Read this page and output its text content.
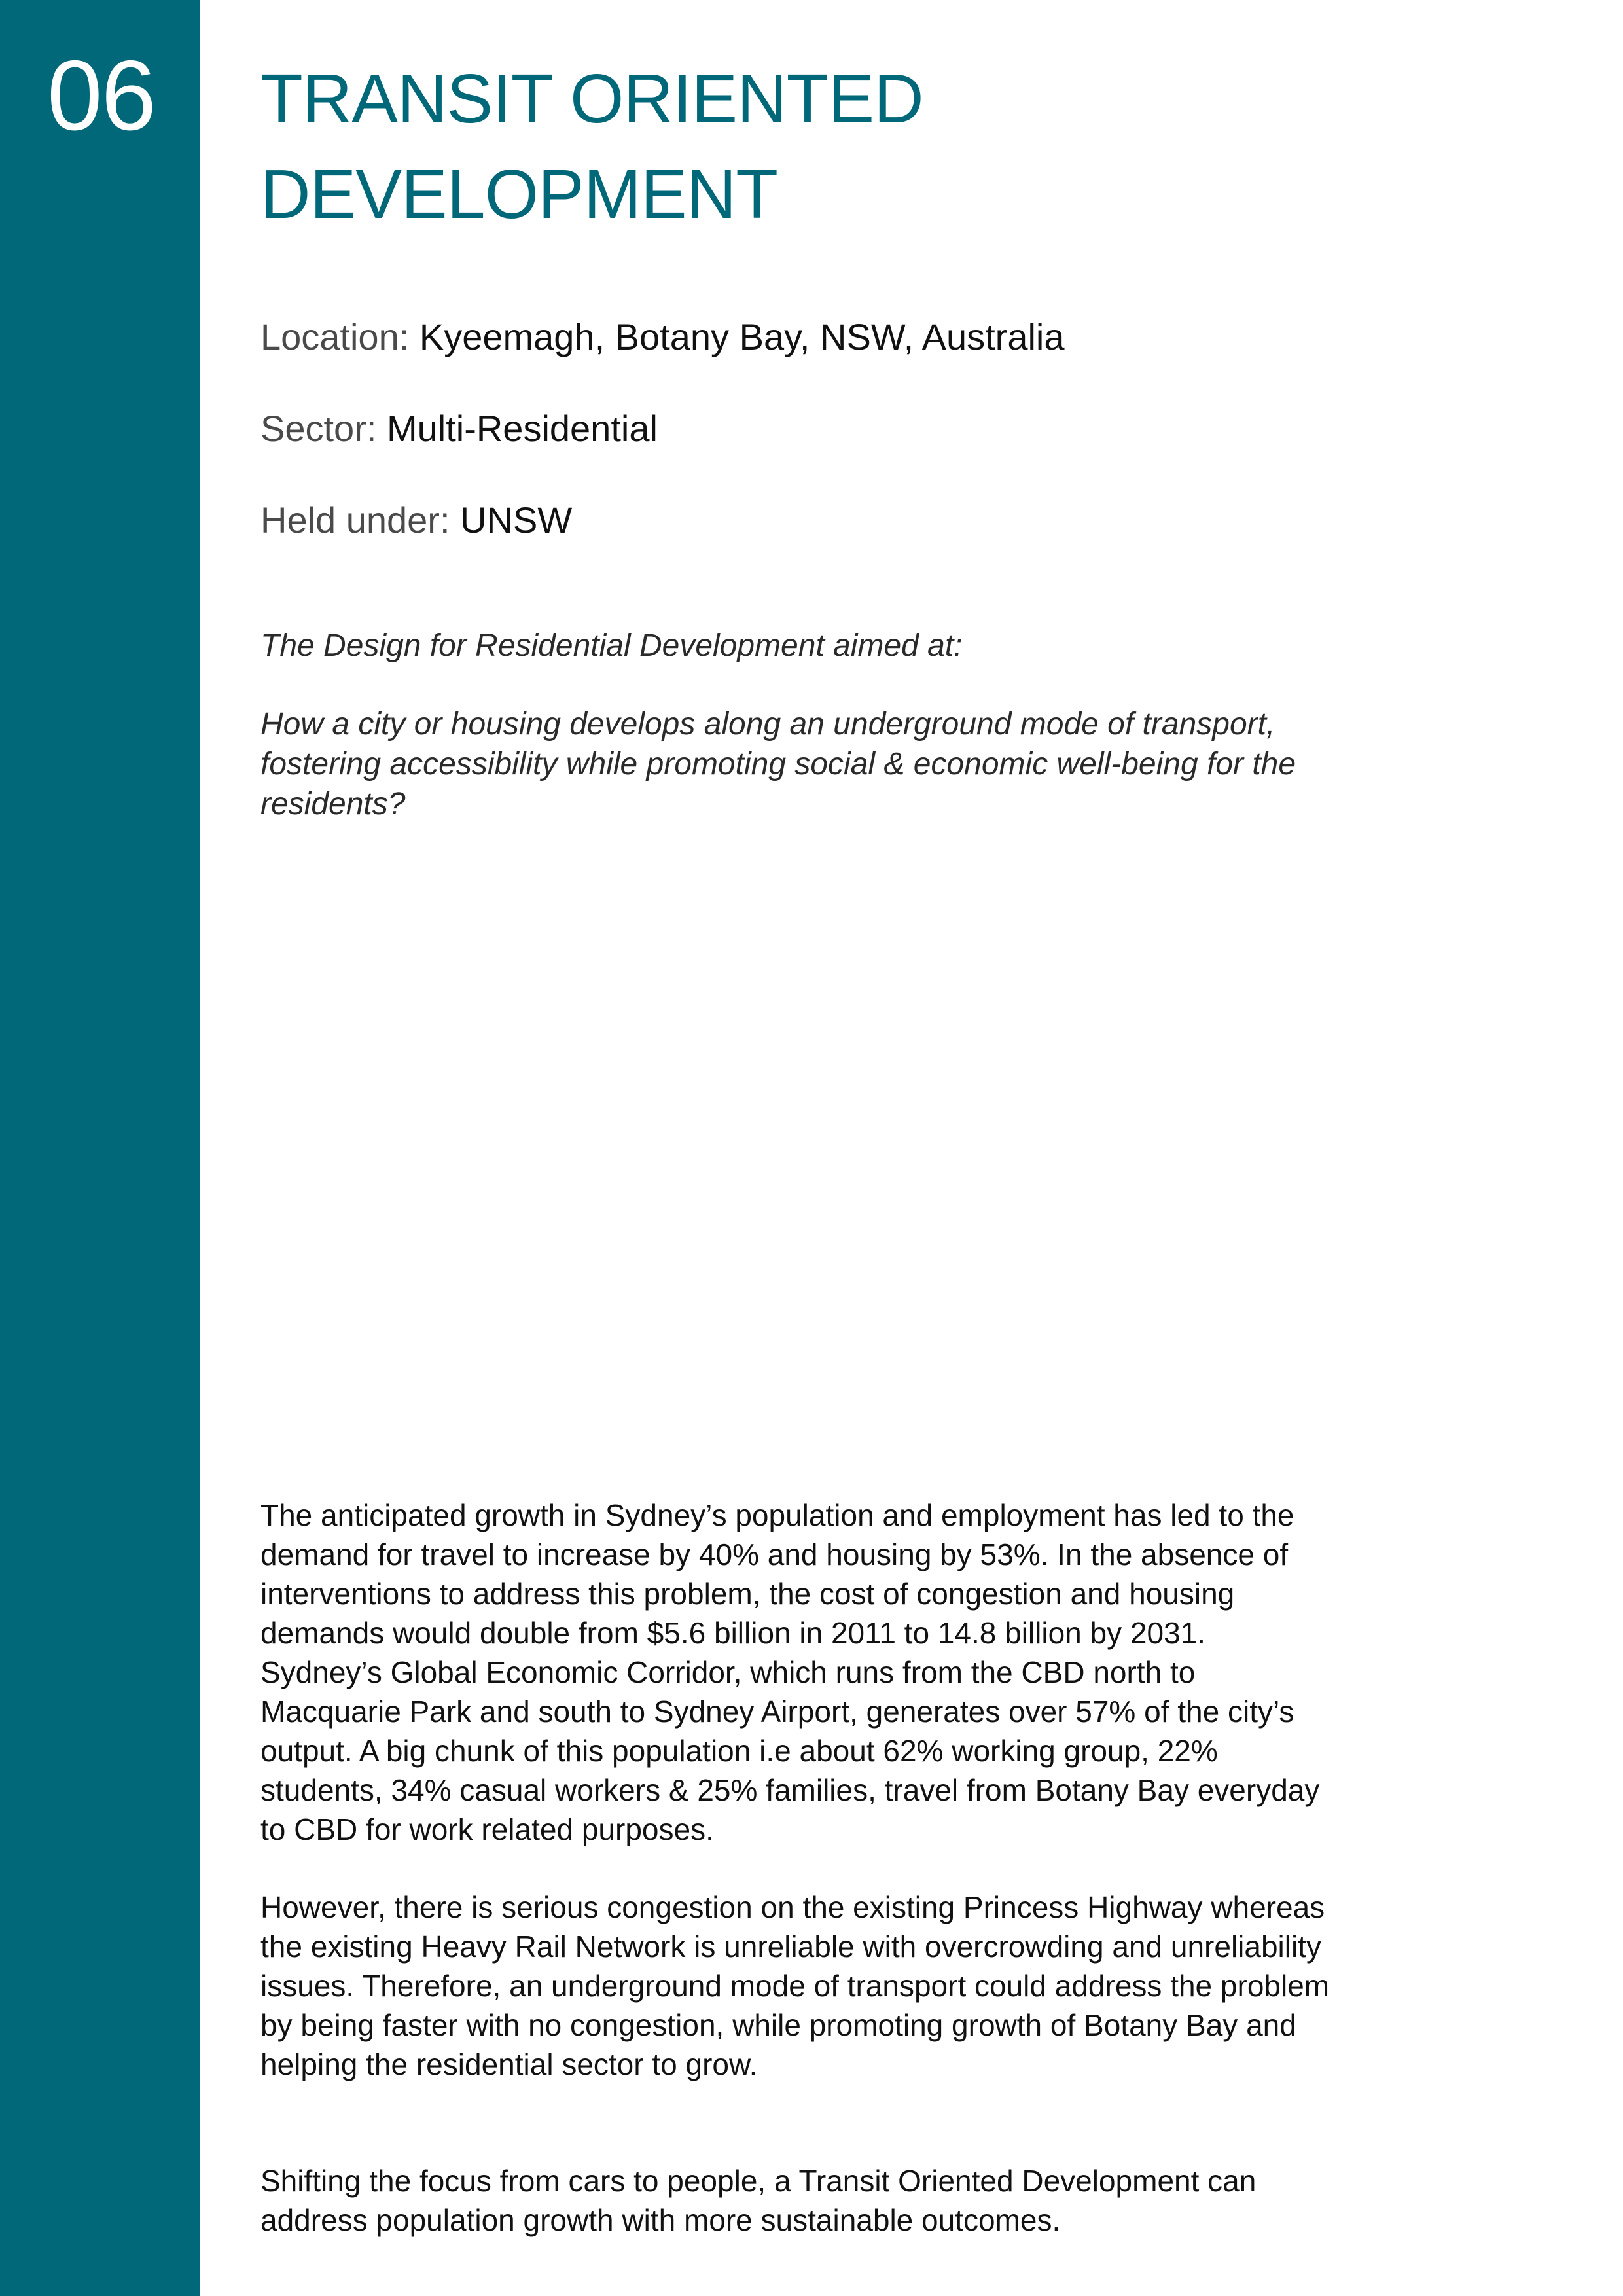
06 TRANSIT ORIENTED
DEVELOPMENT
Location: Kyeemagh, Botany Bay, NSW, Australia
Sector: Multi-Residential
Held under: UNSW

The Design for Residential Development aimed at:

How a city or housing develops along an underground mode of transport, fostering accessibility while promoting social & economic well-being for the residents?

The anticipated growth in Sydney’s population and employment has led to the demand for travel to increase by 40% and housing by 53%. In the absence of interventions to address this problem, the cost of congestion and housing demands would double from $5.6 billion in 2011 to 14.8 billion by 2031. Sydney’s Global Economic Corridor, which runs from the CBD north to Macquarie Park and south to Sydney Airport, generates over 57% of the city’s output. A big chunk of this population i.e about 62% working group, 22% students, 34% casual workers & 25% families, travel from Botany Bay everyday to CBD for work related purposes.

However, there is serious congestion on the existing Princess Highway whereas the existing Heavy Rail Network is unreliable with overcrowding and unreliability issues. Therefore, an underground mode of transport could address the problem by being faster with no congestion, while promoting growth of Botany Bay and helping the residential sector to grow.

Shifting the focus from cars to people, a Transit Oriented Development can address population growth with more sustainable outcomes.
